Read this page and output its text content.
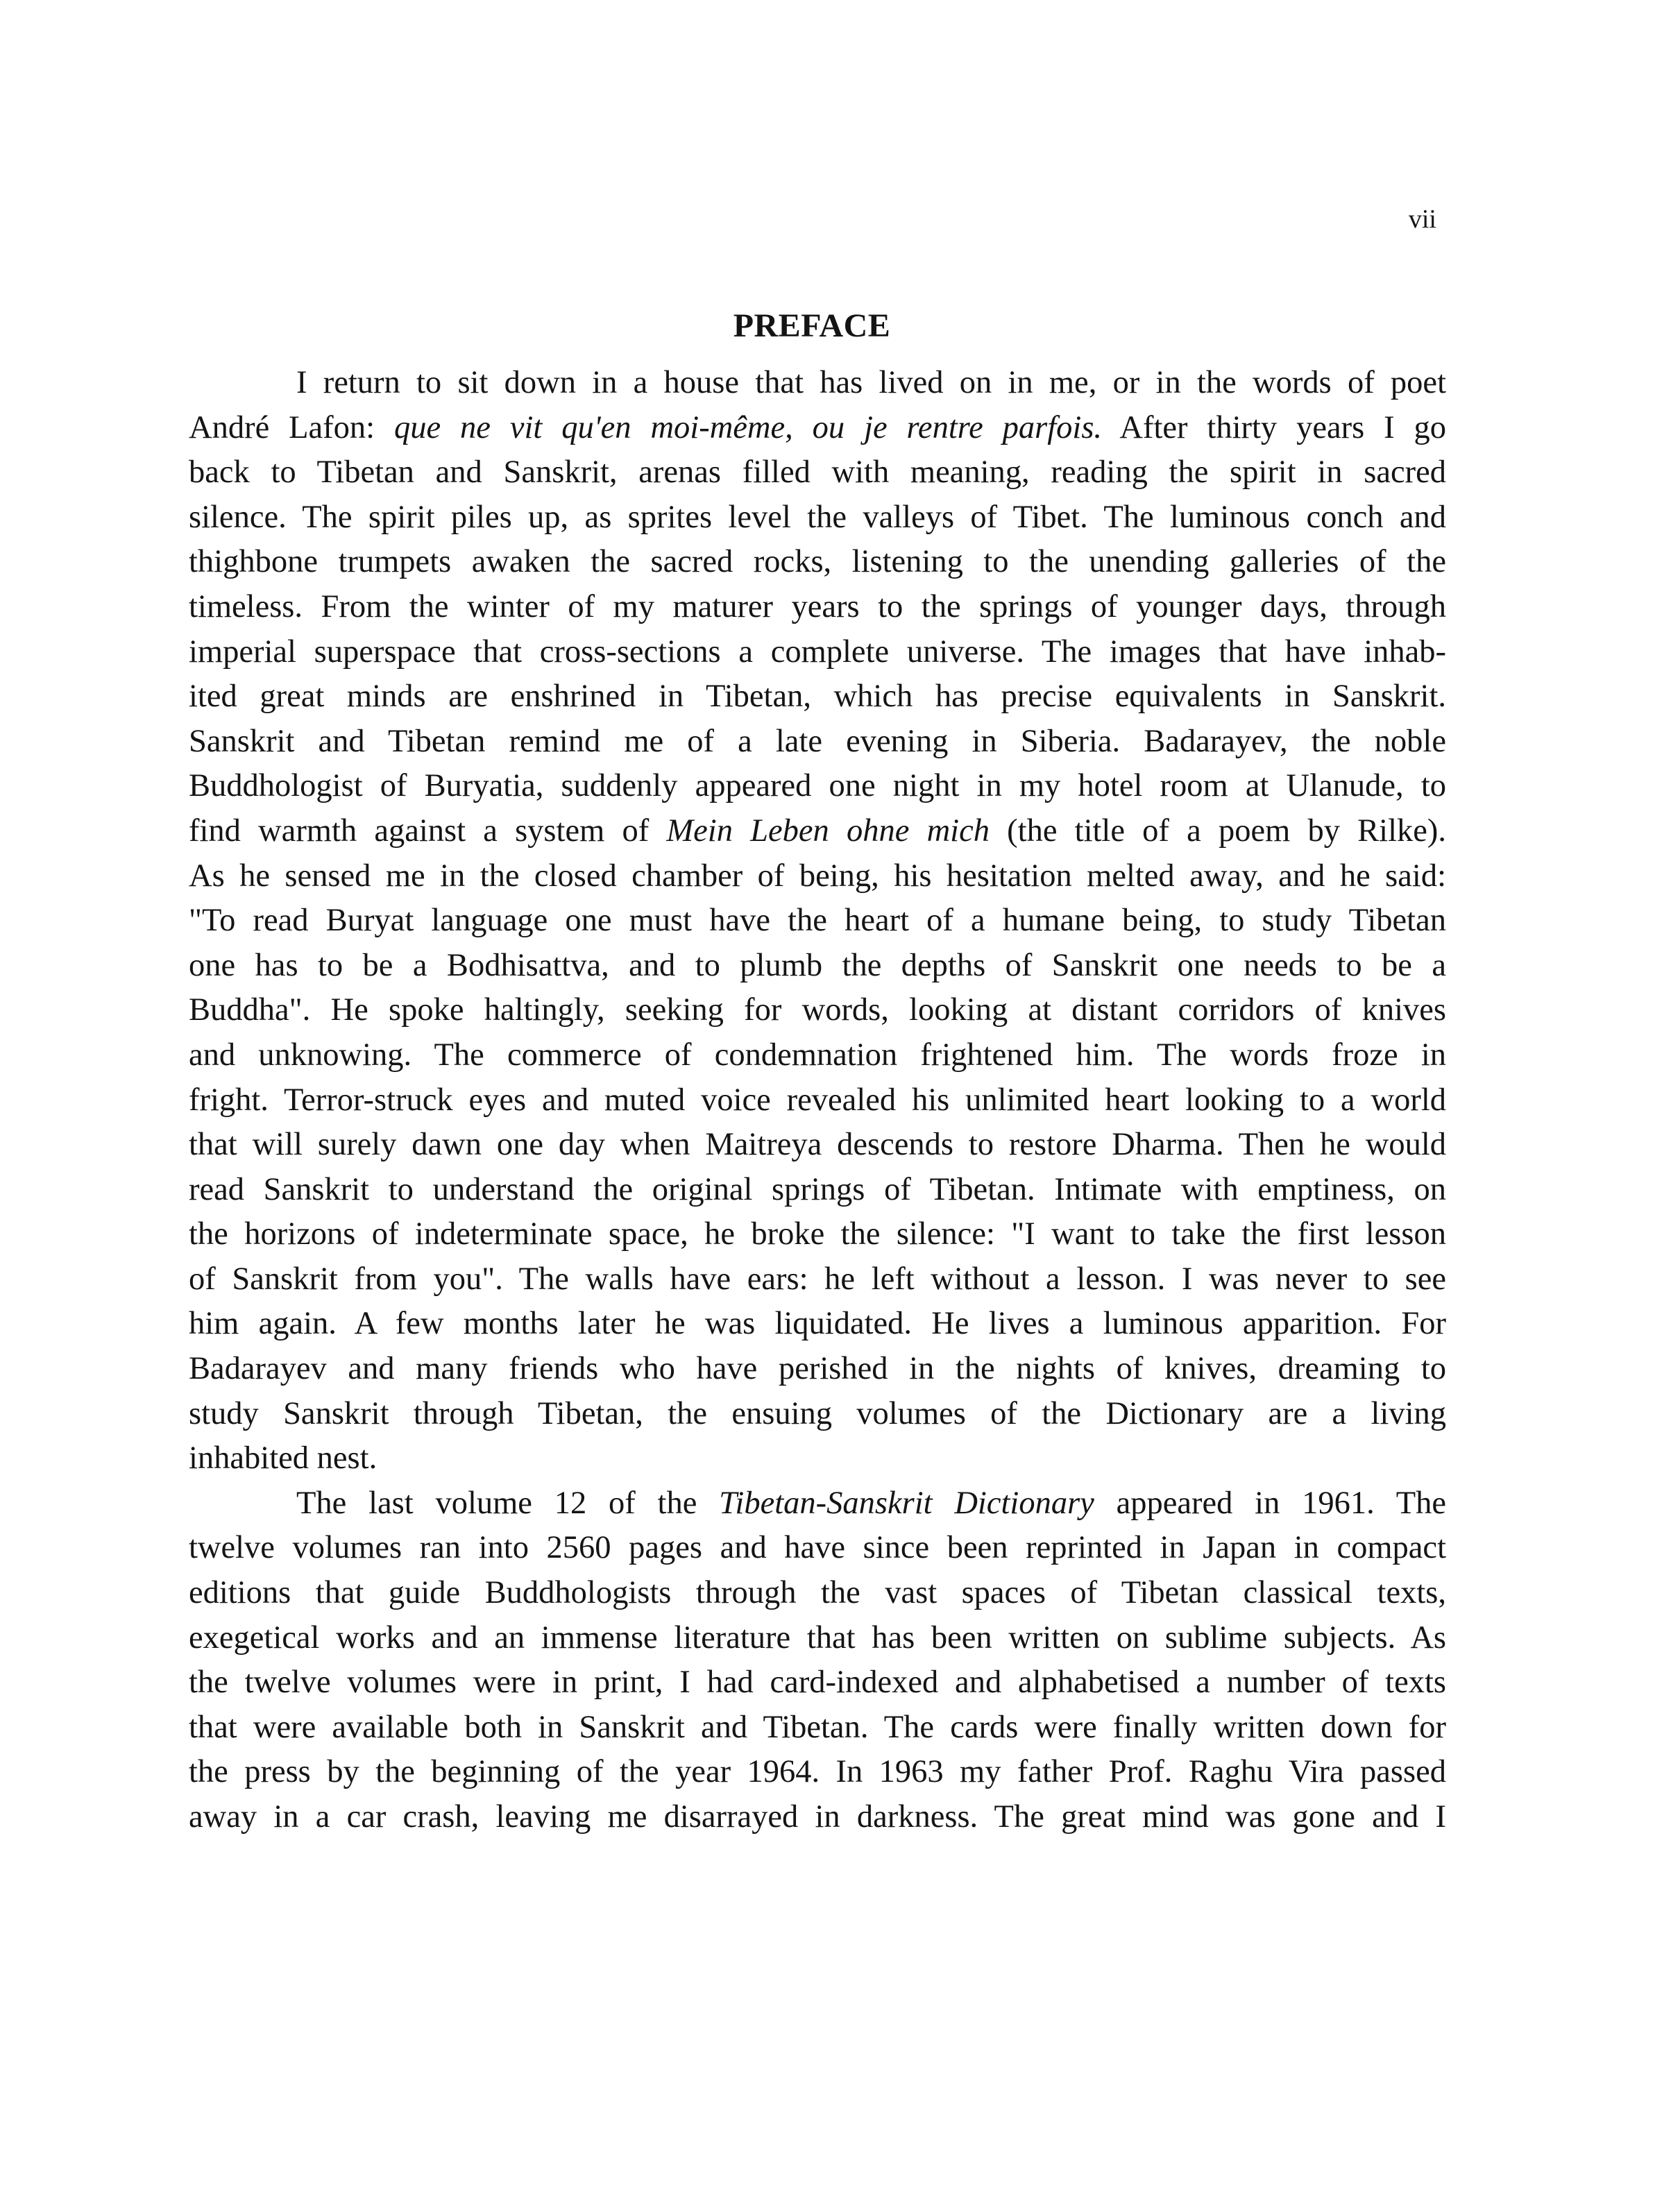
vii
PREFACE
I return to sit down in a house that has lived on in me, or in the words of poet
André Lafon: que ne vit qu'en moi-même, ou je rentre parfois. After thirty years I go
back to Tibetan and Sanskrit, arenas filled with meaning, reading the spirit in sacred
silence. The spirit piles up, as sprites level the valleys of Tibet. The luminous conch and
thighbone trumpets awaken the sacred rocks, listening to the unending galleries of the
timeless. From the winter of my maturer years to the springs of younger days, through
imperial superspace that cross-sections a complete universe. The images that have inhab-
ited great minds are enshrined in Tibetan, which has precise equivalents in Sanskrit.
Sanskrit and Tibetan remind me of a late evening in Siberia. Badarayev, the noble
Buddhologist of Buryatia, suddenly appeared one night in my hotel room at Ulanude, to
find warmth against a system of Mein Leben ohne mich (the title of a poem by Rilke).
As he sensed me in the closed chamber of being, his hesitation melted away, and he said:
"To read Buryat language one must have the heart of a humane being, to study Tibetan
one has to be a Bodhisattva, and to plumb the depths of Sanskrit one needs to be a
Buddha". He spoke haltingly, seeking for words, looking at distant corridors of knives
and unknowing. The commerce of condemnation frightened him. The words froze in
fright. Terror-struck eyes and muted voice revealed his unlimited heart looking to a world
that will surely dawn one day when Maitreya descends to restore Dharma. Then he would
read Sanskrit to understand the original springs of Tibetan. Intimate with emptiness, on
the horizons of indeterminate space, he broke the silence: "I want to take the first lesson
of Sanskrit from you". The walls have ears: he left without a lesson. I was never to see
him again. A few months later he was liquidated. He lives a luminous apparition. For
Badarayev and many friends who have perished in the nights of knives, dreaming to
study Sanskrit through Tibetan, the ensuing volumes of the Dictionary are a living
inhabited nest.
The last volume 12 of the Tibetan-Sanskrit Dictionary appeared in 1961. The
twelve volumes ran into 2560 pages and have since been reprinted in Japan in compact
editions that guide Buddhologists through the vast spaces of Tibetan classical texts,
exegetical works and an immense literature that has been written on sublime subjects. As
the twelve volumes were in print, I had card-indexed and alphabetised a number of texts
that were available both in Sanskrit and Tibetan. The cards were finally written down for
the press by the beginning of the year 1964. In 1963 my father Prof. Raghu Vira passed
away in a car crash, leaving me disarrayed in darkness. The great mind was gone and I
